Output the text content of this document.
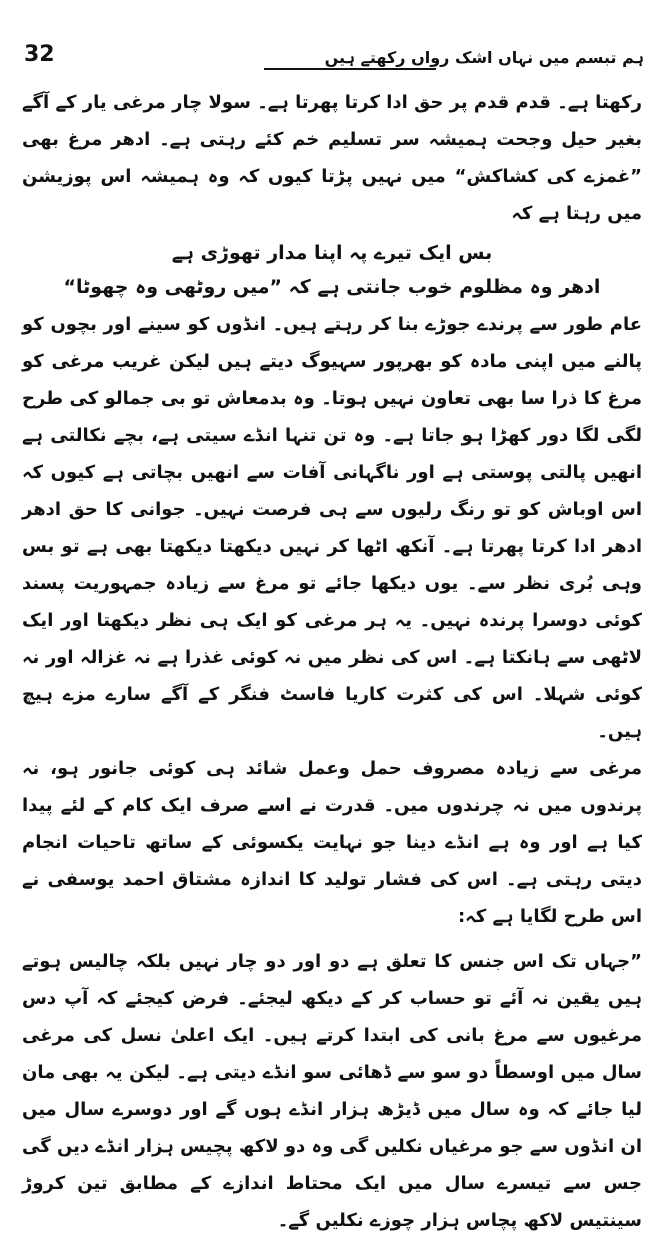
32	ہم تبسم میں نہاں اشک رواں رکھتے ہیں

رکھتا ہے۔ قدم قدم پر حق ادا کرتا پھرتا ہے۔ سولا چار مرغی یار کے آگے بغیر حیل وجحت ہمیشہ سر تسلیم خم کئے رہتی ہے۔ ادھر مرغ بھی ”غمزے کی کشاکش“ میں نہیں پڑتا کیوں کہ وہ ہمیشہ اس پوزیشن میں رہتا ہے کہ

بس ایک تیرے پہ اپنا مدار تھوڑی ہے
ادھر وہ مظلوم خوب جانتی ہے کہ ”میں روٹھی وہ چھوٹا“

عام طور سے پرندے جوڑے بنا کر رہتے ہیں۔ انڈوں کو سینے اور بچوں کو پالنے میں اپنی مادہ کو بھرپور سہیوگ دیتے ہیں لیکن غریب مرغی کو مرغ کا ذرا سا بھی تعاون نہیں ہوتا۔ وہ بدمعاش تو بی جمالو کی طرح لگی لگا دور کھڑا ہو جاتا ہے۔ وہ تن تنہا انڈے سیتی ہے، بچے نکالتی ہے انھیں پالتی پوستی ہے اور ناگہانی آفات سے انھیں بچاتی ہے کیوں کہ اس اوباش کو تو رنگ رلیوں سے ہی فرصت نہیں۔ جوانی کا حق ادھر ادھر ادا کرتا پھرتا ہے۔ آنکھ اٹھا کر نہیں دیکھتا دیکھتا بھی ہے تو بس وہی بُری نظر سے۔ یوں دیکھا جائے تو مرغ سے زیادہ جمہوریت پسند کوئی دوسرا پرندہ نہیں۔ یہ ہر مرغی کو ایک ہی نظر دیکھتا اور ایک لاٹھی سے ہانکتا ہے۔ اس کی نظر میں نہ کوئی غذرا ہے نہ غزالہ اور نہ کوئی شہلا۔ اس کی کثرت کاریا فاسٹ فنگر کے آگے سارے مزے ہیچ ہیں۔

مرغی سے زیادہ مصروف حمل وعمل شائد ہی کوئی جانور ہو، نہ پرندوں میں نہ چرندوں میں۔ قدرت نے اسے صرف ایک کام کے لئے پیدا کیا ہے اور وہ ہے انڈے دینا جو نہایت یکسوئی کے ساتھ تاحیات انجام دیتی رہتی ہے۔ اس کی فشار تولید کا اندازہ مشتاق احمد یوسفی نے اس طرح لگایا ہے کہ:

”جہاں تک اس جنس کا تعلق ہے دو اور دو چار نہیں بلکہ چالیس ہوتے ہیں یقین نہ آئے تو حساب کر کے دیکھ لیجئے۔ فرض کیجئے کہ آپ دس مرغیوں سے مرغ بانی کی ابتدا کرتے ہیں۔ ایک اعلیٰ نسل کی مرغی سال میں اوسطاً دو سو سے ڈھائی سو انڈے دیتی ہے۔ لیکن یہ بھی مان لیا جائے کہ وہ سال میں ڈیڑھ ہزار انڈے ہوں گے اور دوسرے سال میں ان انڈوں سے جو مرغیاں نکلیں گی وہ دو لاکھ پچیس ہزار انڈے دیں گی جس سے تیسرے سال میں ایک محتاط اندازے کے مطابق تین کروڑ سینتیس لاکھ پچاس ہزار چوزے نکلیں گے۔
